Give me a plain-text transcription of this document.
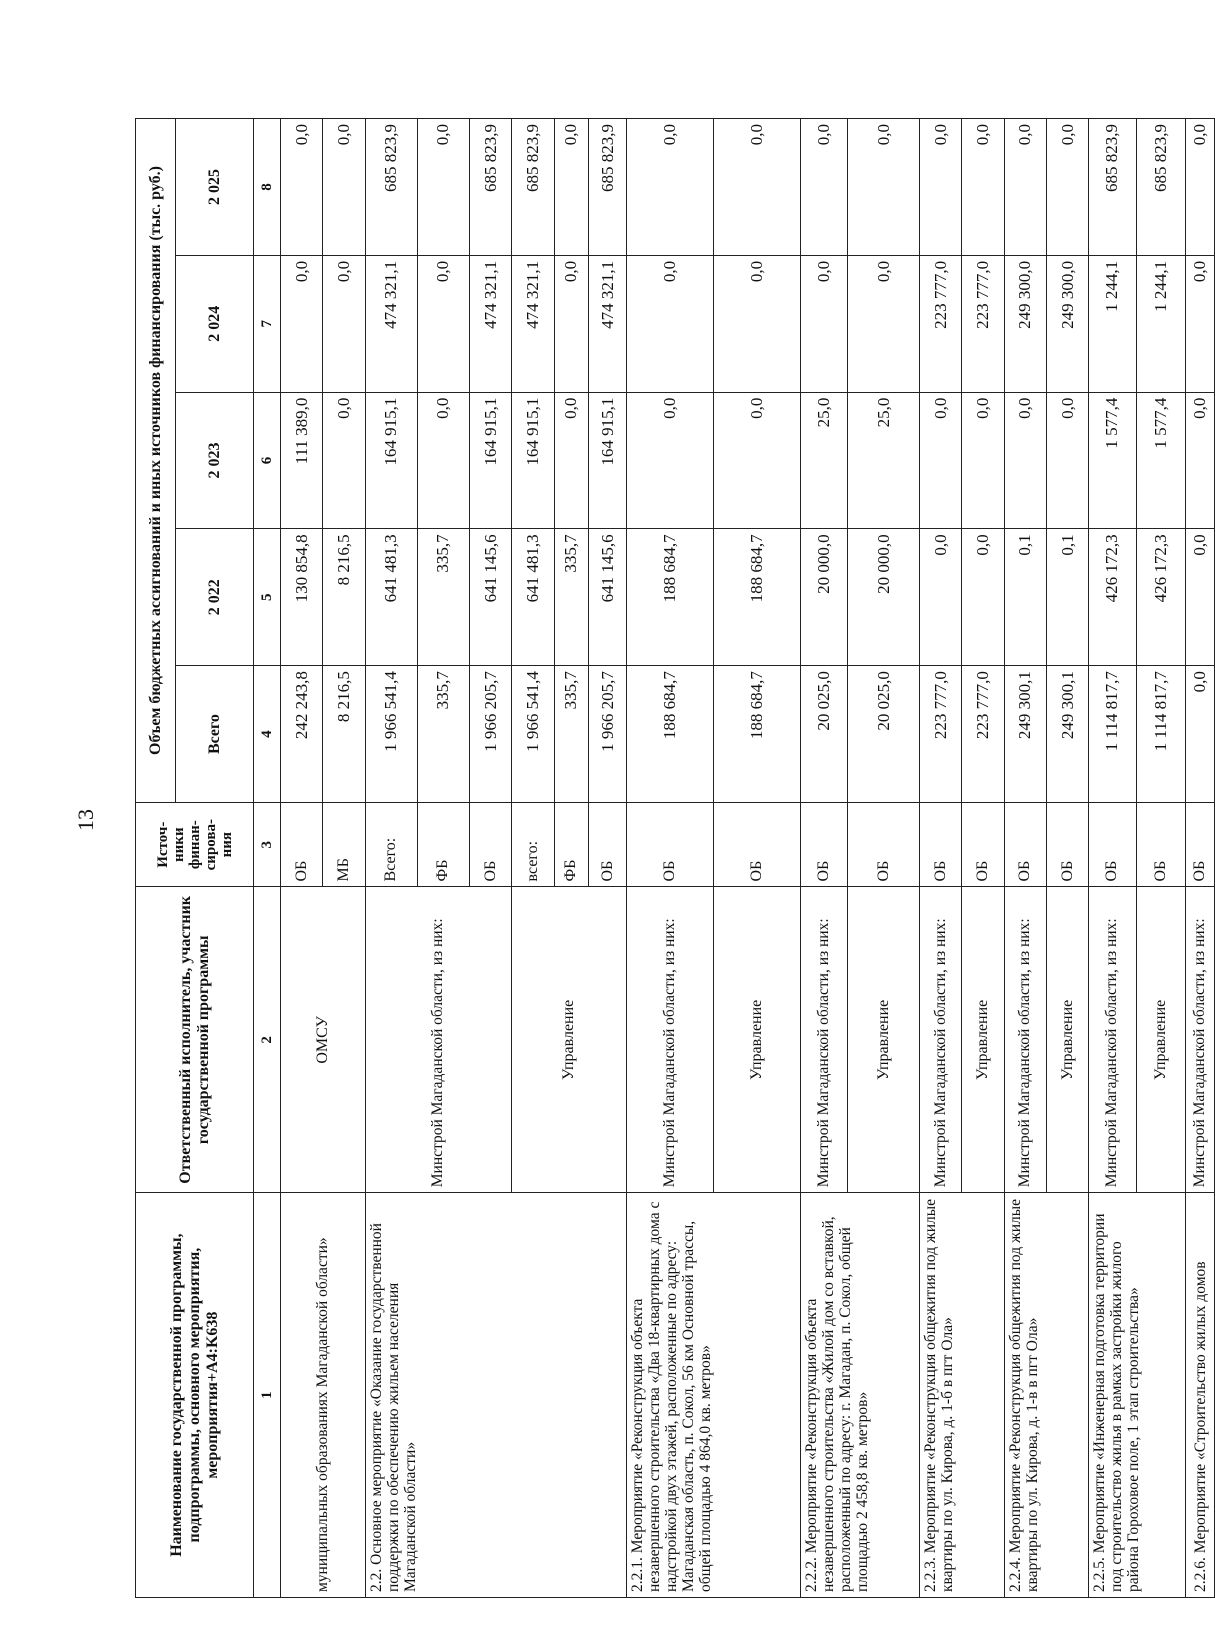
13
Наименование государственной программы, подпрограммы, основного мероприятия, мероприятия+A4:K638	Ответственный исполнитель, участник государственной программы	Источ-ники финан-сирова-ния	Объем бюджетных ассигнований и иных источников финансирования (тыс. руб.)				
			Всего	2 022	2 023	2 024	2 025
1	2	3	4	5	6	7	8
муниципальных образованиях Магаданской области»	ОМСУ	ОБ	242 243,8	130 854,8	111 389,0	0,0	0,0
		МБ	8 216,5	8 216,5	0,0	0,0	0,0
2.2. Основное мероприятие «Оказание государственной поддержки по обеспечению жильем населения Магаданской области»	Минстрой Магаданской области, из них:	Всего:	1 966 541,4	641 481,3	164 915,1	474 321,1	685 823,9
		ФБ	335,7	335,7	0,0	0,0	0,0
		ОБ	1 966 205,7	641 145,6	164 915,1	474 321,1	685 823,9
	Управление	всего:	1 966 541,4	641 481,3	164 915,1	474 321,1	685 823,9
		ФБ	335,7	335,7	0,0	0,0	0,0
		ОБ	1 966 205,7	641 145,6	164 915,1	474 321,1	685 823,9
2.2.1. Мероприятие «Реконструкция объекта незавершенного строительства «Два 18-квартирных дома с надстройкой двух этажей, расположенные по адресу: Магаданская область, п. Сокол, 56 км Основной трассы, общей площадью 4 864,0 кв. метров»	Минстрой Магаданской области, из них:	ОБ	188 684,7	188 684,7	0,0	0,0	0,0
	Управление	ОБ	188 684,7	188 684,7	0,0	0,0	0,0
2.2.2. Мероприятие «Реконструкция объекта незавершенного строительства «Жилой дом со вставкой, расположенный по адресу: г. Магадан, п. Сокол, общей площадью 2 458,8 кв. метров»	Минстрой Магаданской области, из них:	ОБ	20 025,0	20 000,0	25,0	0,0	0,0
	Управление	ОБ	20 025,0	20 000,0	25,0	0,0	0,0
2.2.3. Мероприятие «Реконструкция общежития под жилые квартиры по ул. Кирова, д. 1-б в пгт Ола»	Минстрой Магаданской области, из них:	ОБ	223 777,0	0,0	0,0	223 777,0	0,0
	Управление	ОБ	223 777,0	0,0	0,0	223 777,0	0,0
2.2.4. Мероприятие «Реконструкция общежития под жилые квартиры по ул. Кирова, д. 1-в в пгт Ола»	Минстрой Магаданской области, из них:	ОБ	249 300,1	0,1	0,0	249 300,0	0,0
	Управление	ОБ	249 300,1	0,1	0,0	249 300,0	0,0
2.2.5. Мероприятие «Инженерная подготовка территории под строительство жилья в рамках застройки жилого района Гороховое поле, 1 этап строительства»	Минстрой Магаданской области, из них:	ОБ	1 114 817,7	426 172,3	1 577,4	1 244,1	685 823,9
	Управление	ОБ	1 114 817,7	426 172,3	1 577,4	1 244,1	685 823,9
2.2.6. Мероприятие «Строительство жилых домов	Минстрой Магаданской области, из них:	ОБ	0,0	0,0	0,0	0,0	0,0
